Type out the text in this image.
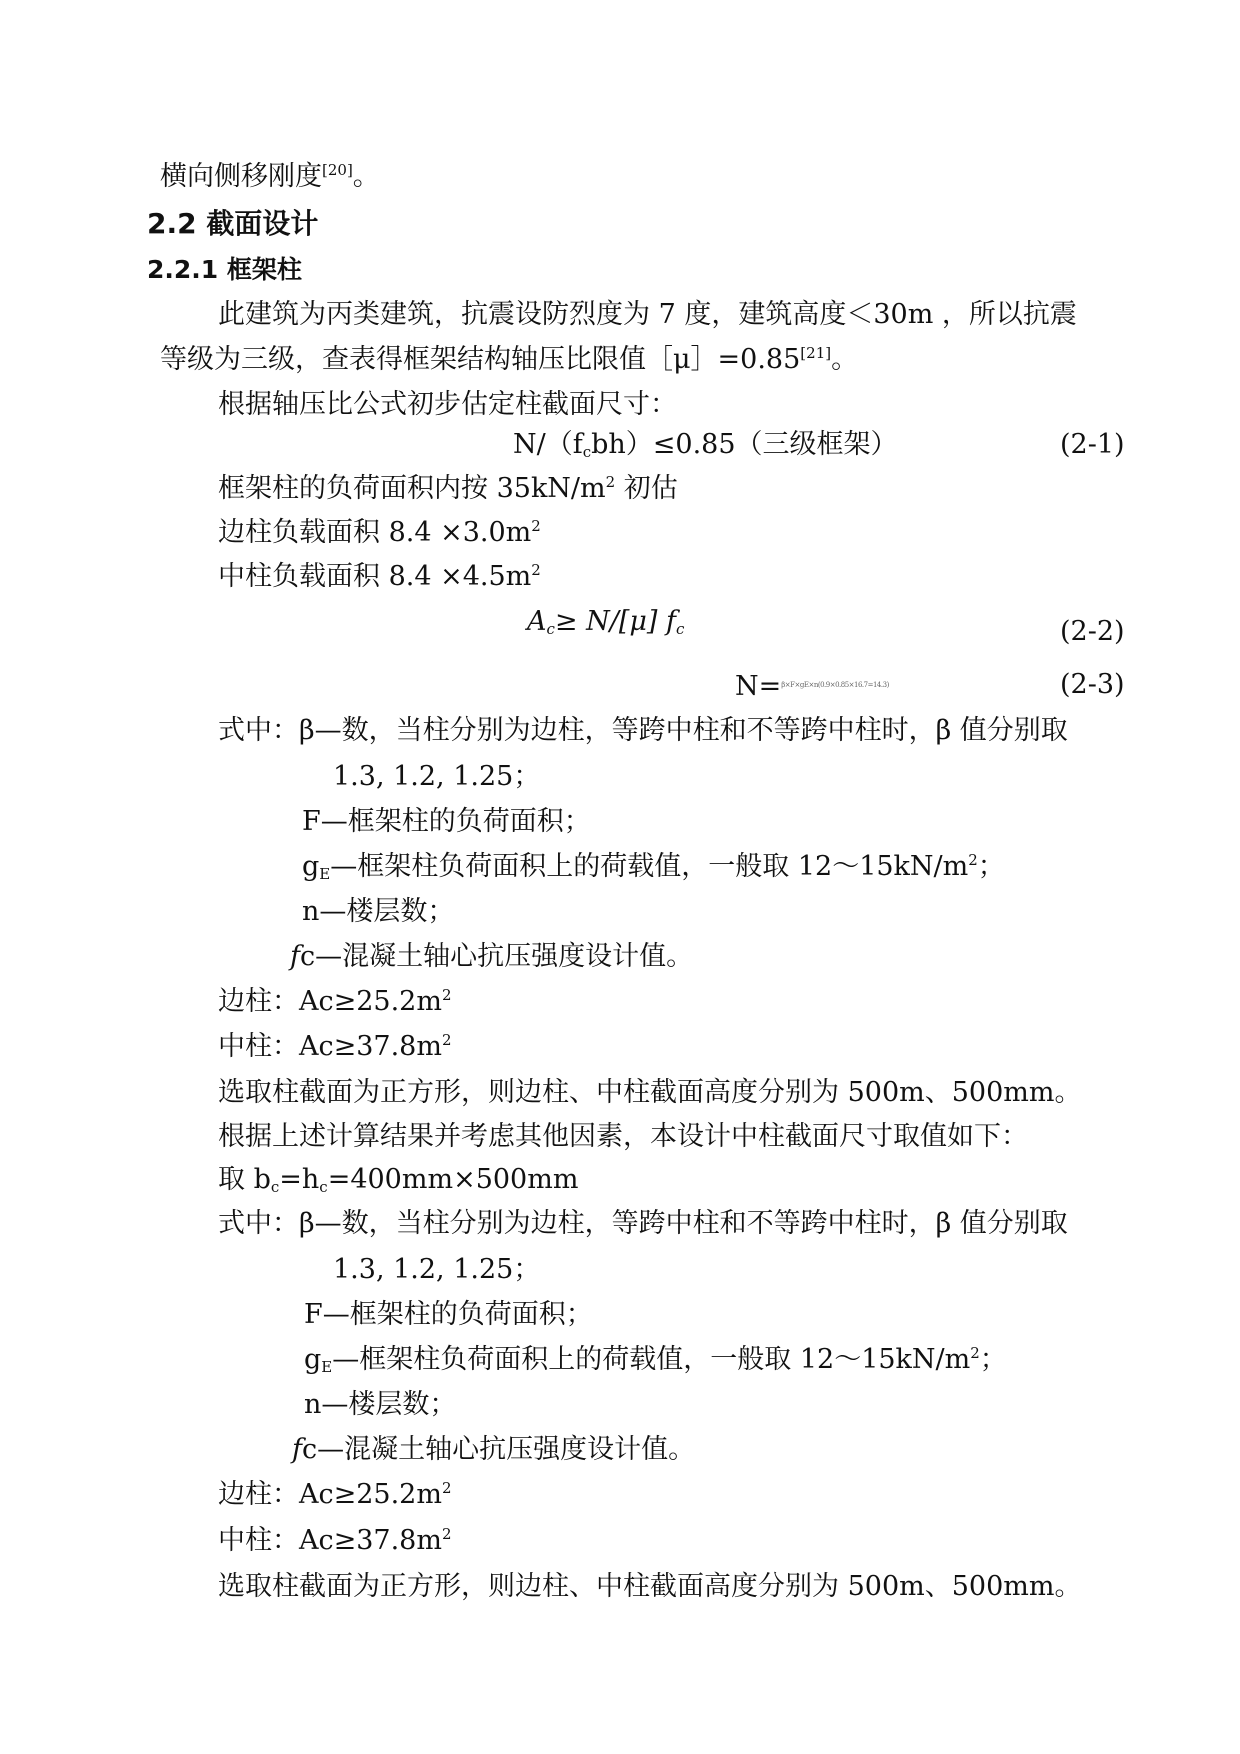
横向侧移刚度[20]。
2.2 截面设计
2.2.1 框架柱
此建筑为丙类建筑，抗震设防烈度为 7 度，建筑高度＜30m ，所以抗震
等级为三级，查表得框架结构轴压比限值［μ］=0.85[21]。
根据轴压比公式初步估定柱截面尺寸：
$N/(f_cbh)\le 0.85$（三级框架）	(2-1)
框架柱的负荷面积内按 $35kN/m^2$ 初估
边柱负载面积 $8.4 \times 3.0m^2$
中柱负载面积 $8.4 \times 4.5m^2$
$A_c\ge N/[\mu]$ $f_c$	(2-2)
N=$^{\beta\times F\times gE\times n(0.9\times 0.85\times 16.7=14.3)}$	(2-3)
式中：β—数，当柱分别为边柱，等跨中柱和不等跨中柱时，β 值分别取
1.3, 1.2, 1.25；
F—框架柱的负荷面积；
$g_E—$框架柱负荷面积上的荷载值，一般取 $12\sim 15kN/m^2$；
n—楼层数；
fc—混凝土轴心抗压强度设计值。
边柱：$Ac\ge 25.2m^2$
中柱：$Ac\ge 37.8m^2$
选取柱截面为正方形，则边柱、中柱截面高度分别为 500m、500mm。
根据上述计算结果并考虑其他因素，本设计中柱截面尺寸取值如下：
取 $b_c=h_c=400mm\times 500mm$
式中：β—数，当柱分别为边柱，等跨中柱和不等跨中柱时，β 值分别取
1.3, 1.2, 1.25；
F—框架柱的负荷面积；
$g_E—$框架柱负荷面积上的荷载值，一般取 $12\sim 15kN/m^2$；
n—楼层数；
fc—混凝土轴心抗压强度设计值。
边柱：$Ac\ge 25.2m^2$
中柱：$Ac\ge 37.8m^2$
选取柱截面为正方形，则边柱、中柱截面高度分别为 500m、500mm。
